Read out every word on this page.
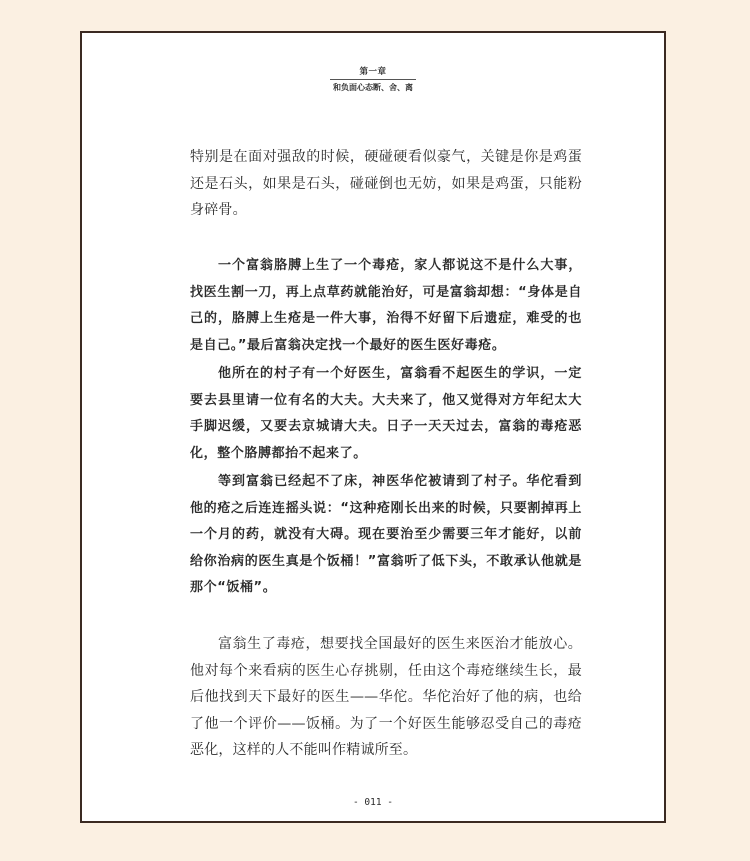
第一章
和负面心态断、舍、离

特别是在面对强敌的时候，硬碰硬看似豪气，关键是你是鸡蛋还是石头，如果是石头，碰碰倒也无妨，如果是鸡蛋，只能粉身碎骨。

一个富翁胳膊上生了一个毒疮，家人都说这不是什么大事，找医生割一刀，再上点草药就能治好，可是富翁却想：“身体是自己的，胳膊上生疮是一件大事，治得不好留下后遗症，难受的也是自己。”最后富翁决定找一个最好的医生医好毒疮。

他所在的村子有一个好医生，富翁看不起医生的学识，一定要去县里请一位有名的大夫。大夫来了，他又觉得对方年纪太大手脚迟缓，又要去京城请大夫。日子一天天过去，富翁的毒疮恶化，整个胳膊都抬不起来了。

等到富翁已经起不了床，神医华佗被请到了村子。华佗看到他的疮之后连连摇头说：“这种疮刚长出来的时候，只要割掉再上一个月的药，就没有大碍。现在要治至少需要三年才能好，以前给你治病的医生真是个饭桶！”富翁听了低下头，不敢承认他就是那个“饭桶”。

富翁生了毒疮，想要找全国最好的医生来医治才能放心。他对每个来看病的医生心存挑剔，任由这个毒疮继续生长，最后他找到天下最好的医生——华佗。华佗治好了他的病，也给了他一个评价——饭桶。为了一个好医生能够忍受自己的毒疮恶化，这样的人不能叫作精诚所至。

- 011 -
